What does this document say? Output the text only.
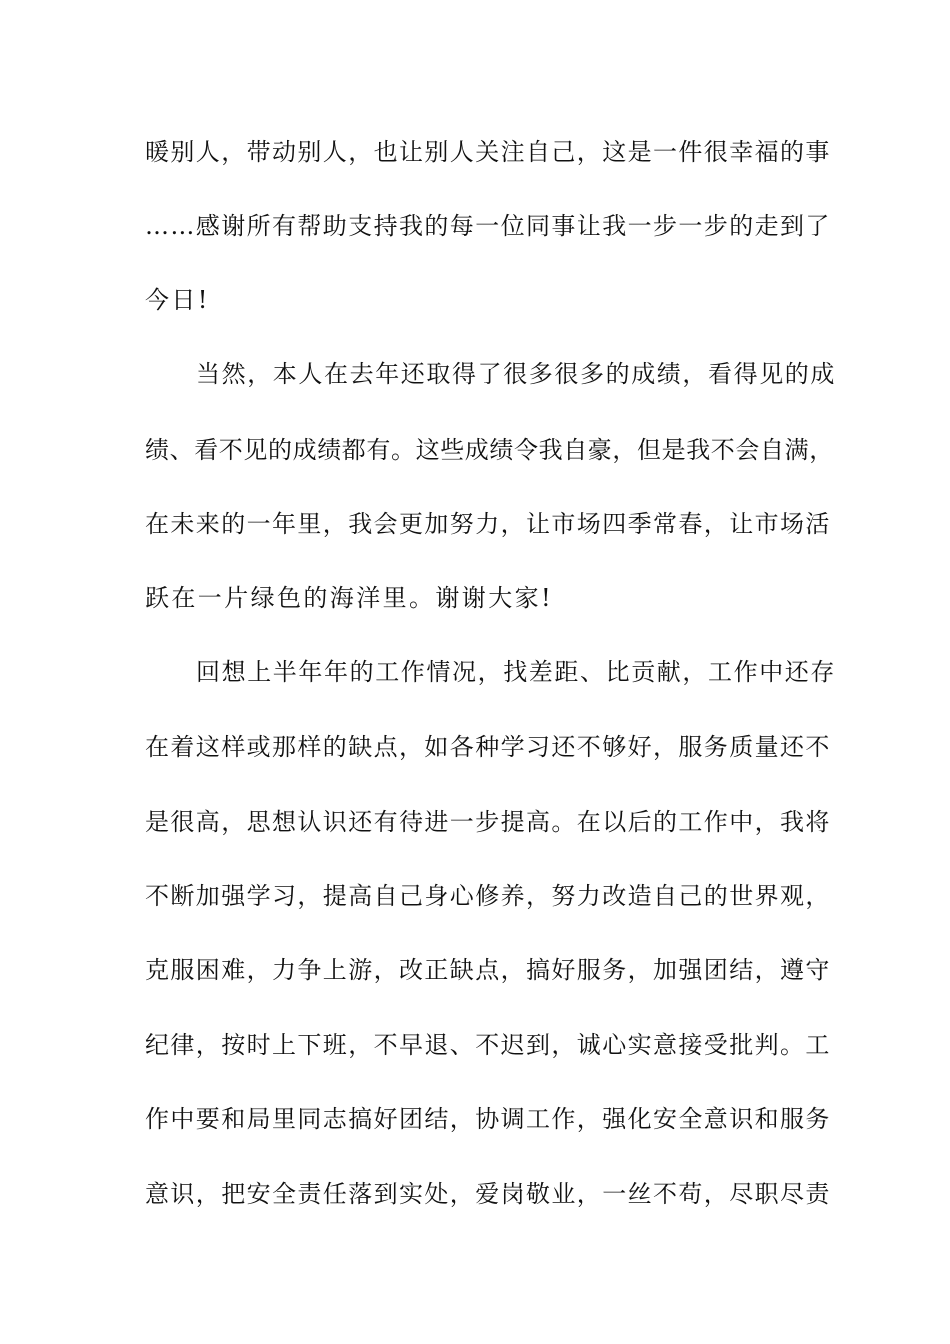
暖别人，带动别人，也让别人关注自己，这是一件很幸福的事
……感谢所有帮助支持我的每一位同事让我一步一步的走到了
今日!
当然，本人在去年还取得了很多很多的成绩，看得见的成
绩、看不见的成绩都有。这些成绩令我自豪，但是我不会自满，
在未来的一年里，我会更加努力，让市场四季常春，让市场活
跃在一片绿色的海洋里。谢谢大家!
回想上半年年的工作情况，找差距、比贡献，工作中还存
在着这样或那样的缺点，如各种学习还不够好，服务质量还不
是很高，思想认识还有待进一步提高。在以后的工作中，我将
不断加强学习，提高自己身心修养，努力改造自己的世界观，
克服困难，力争上游，改正缺点，搞好服务，加强团结，遵守
纪律，按时上下班，不早退、不迟到，诚心实意接受批判。工
作中要和局里同志搞好团结，协调工作，强化安全意识和服务
意识，把安全责任落到实处，爱岗敬业，一丝不苟，尽职尽责
